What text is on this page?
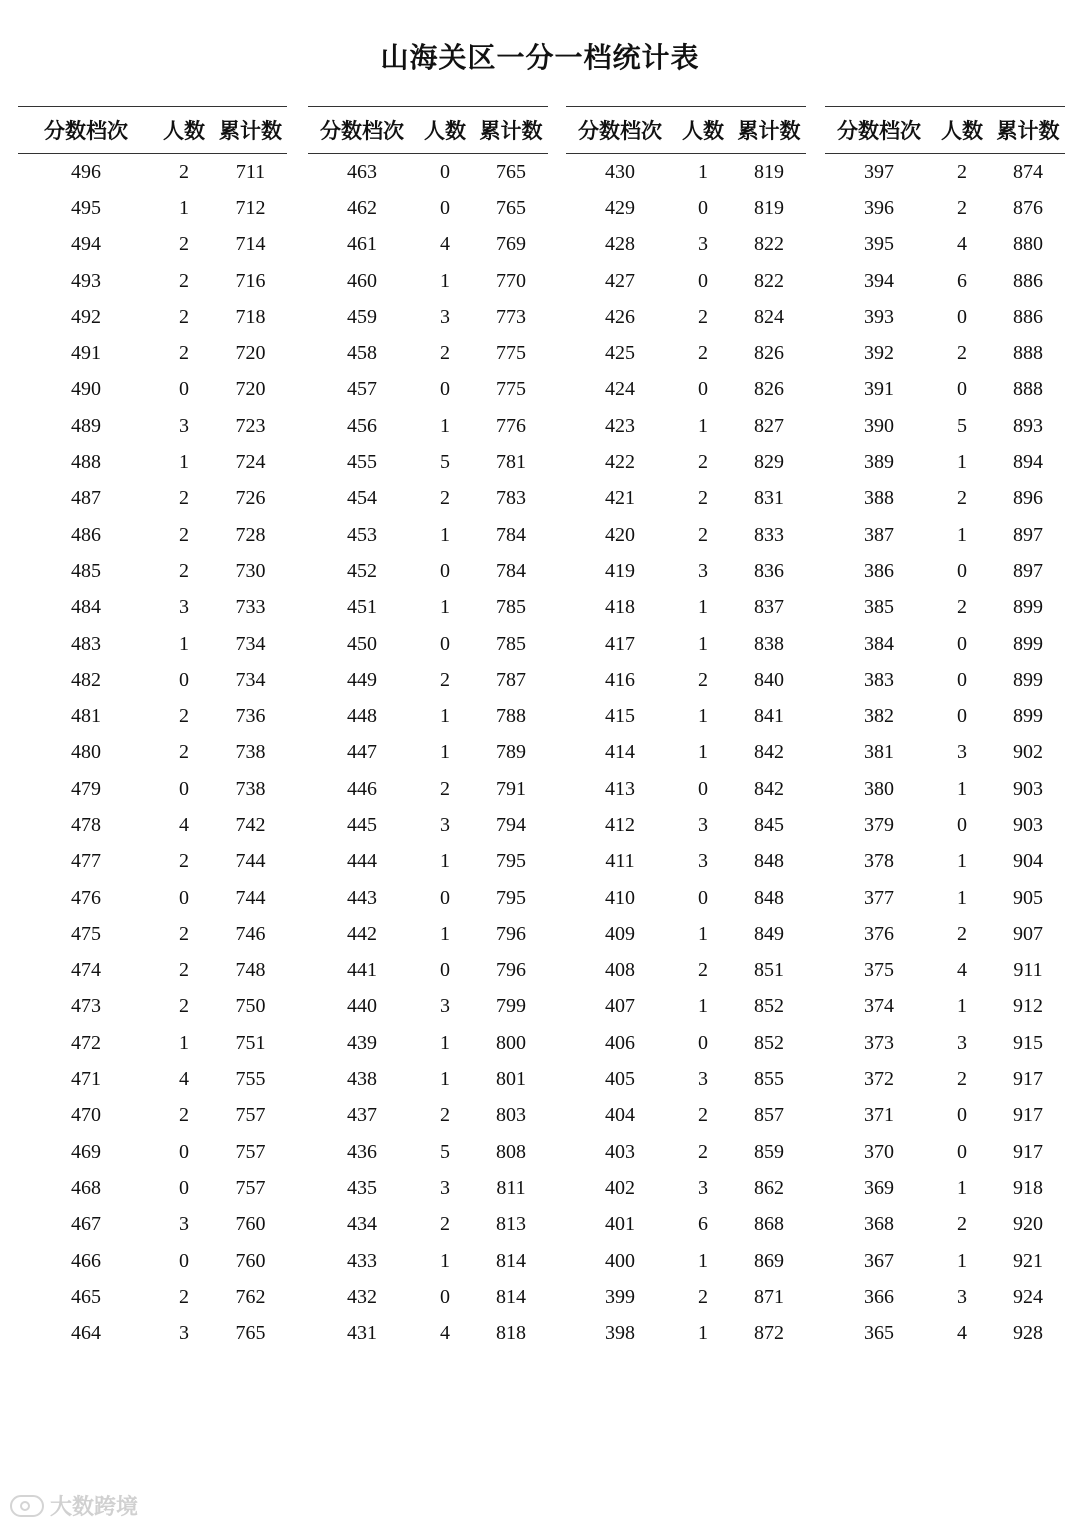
山海关区一分一档统计表
分数档次	人数	累计数
496	2	711
495	1	712
494	2	714
493	2	716
492	2	718
491	2	720
490	0	720
489	3	723
488	1	724
487	2	726
486	2	728
485	2	730
484	3	733
483	1	734
482	0	734
481	2	736
480	2	738
479	0	738
478	4	742
477	2	744
476	0	744
475	2	746
474	2	748
473	2	750
472	1	751
471	4	755
470	2	757
469	0	757
468	0	757
467	3	760
466	0	760
465	2	762
464	3	765
分数档次	人数	累计数
463	0	765
462	0	765
461	4	769
460	1	770
459	3	773
458	2	775
457	0	775
456	1	776
455	5	781
454	2	783
453	1	784
452	0	784
451	1	785
450	0	785
449	2	787
448	1	788
447	1	789
446	2	791
445	3	794
444	1	795
443	0	795
442	1	796
441	0	796
440	3	799
439	1	800
438	1	801
437	2	803
436	5	808
435	3	811
434	2	813
433	1	814
432	0	814
431	4	818
分数档次	人数	累计数
430	1	819
429	0	819
428	3	822
427	0	822
426	2	824
425	2	826
424	0	826
423	1	827
422	2	829
421	2	831
420	2	833
419	3	836
418	1	837
417	1	838
416	2	840
415	1	841
414	1	842
413	0	842
412	3	845
411	3	848
410	0	848
409	1	849
408	2	851
407	1	852
406	0	852
405	3	855
404	2	857
403	2	859
402	3	862
401	6	868
400	1	869
399	2	871
398	1	872
分数档次	人数	累计数
397	2	874
396	2	876
395	4	880
394	6	886
393	0	886
392	2	888
391	0	888
390	5	893
389	1	894
388	2	896
387	1	897
386	0	897
385	2	899
384	0	899
383	0	899
382	0	899
381	3	902
380	1	903
379	0	903
378	1	904
377	1	905
376	2	907
375	4	911
374	1	912
373	3	915
372	2	917
371	0	917
370	0	917
369	1	918
368	2	920
367	1	921
366	3	924
365	4	928
大数跨境
